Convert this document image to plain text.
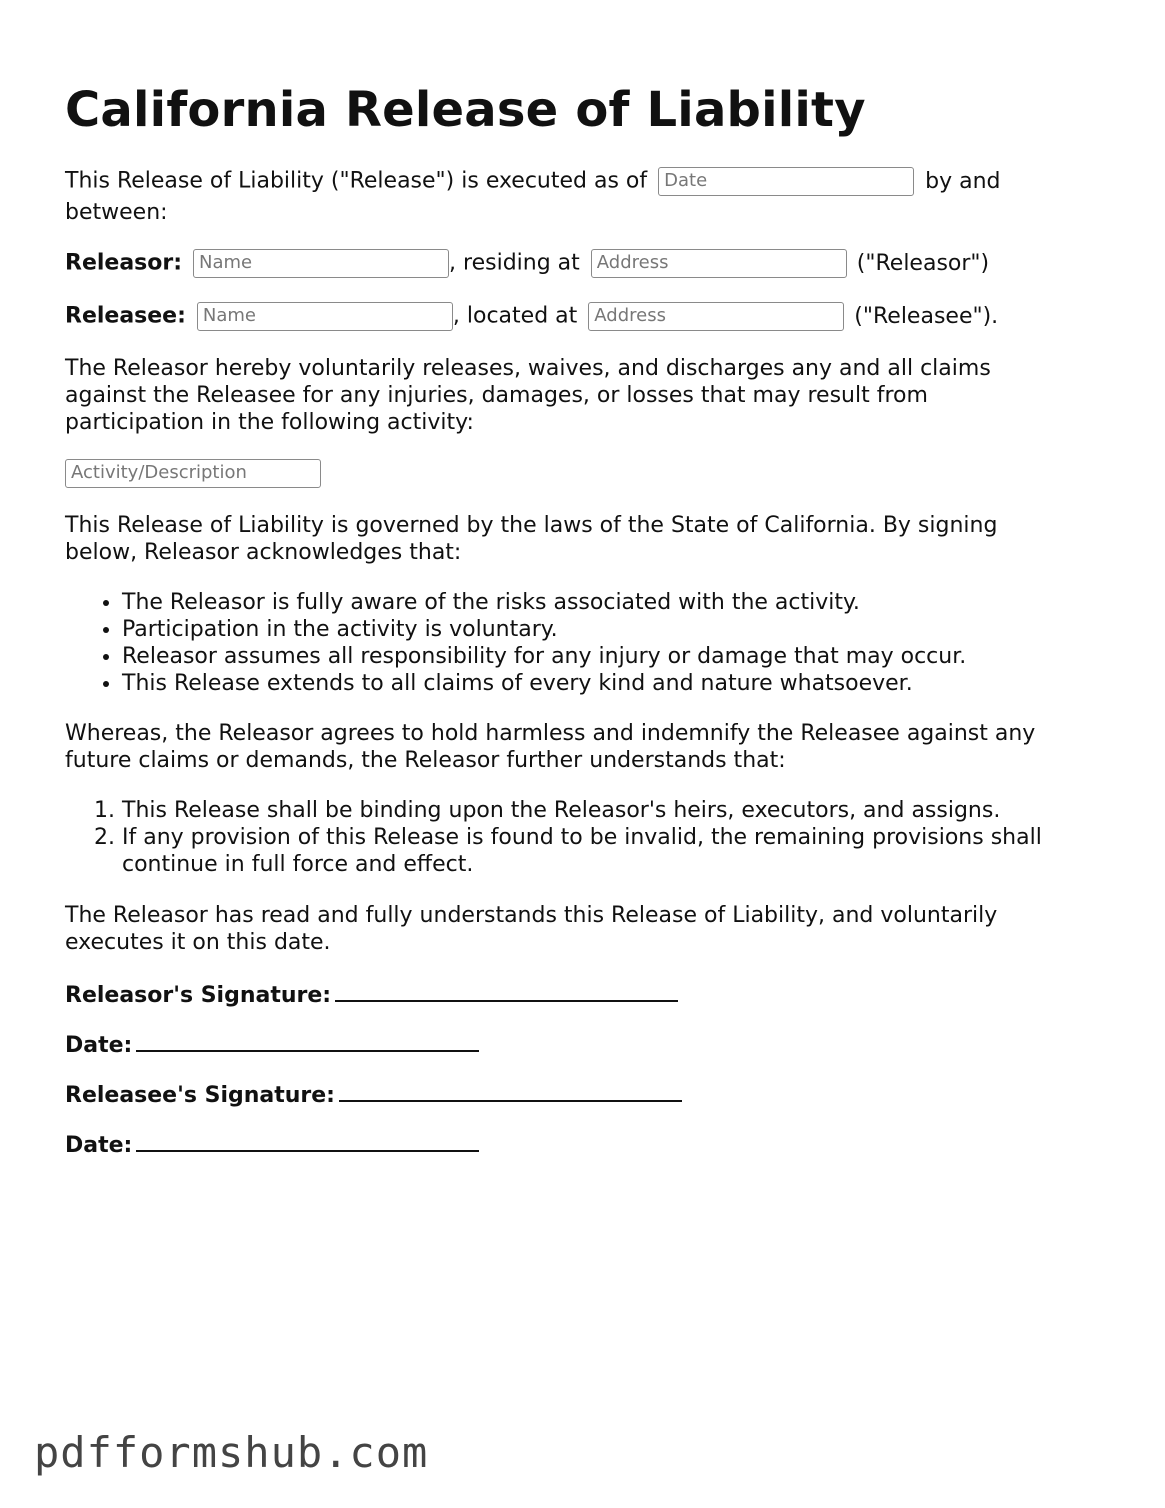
California Release of Liability
This Release of Liability ("Release") is executed as of Date	by and
between:
Releasor: Name	, residing at Address	("Releasor")
Releasee: Name	, located at Address	("Releasee").
The Releasor hereby voluntarily releases, waives, and discharges any and all claims
against the Releasee for any injuries, damages, or losses that may result from
participation in the following activity:
Activity/Description
This Release of Liability is governed by the laws of the State of California. By signing
below, Releasor acknowledges that:
• The Releasor is fully aware of the risks associated with the activity.
• Participation in the activity is voluntary.
• Releasor assumes all responsibility for any injury or damage that may occur.
• This Release extends to all claims of every kind and nature whatsoever.
Whereas, the Releasor agrees to hold harmless and indemnify the Releasee against any
future claims or demands, the Releasor further understands that:
1. This Release shall be binding upon the Releasor's heirs, executors, and assigns.
2. If any provision of this Release is found to be invalid, the remaining provisions shall continue in full force and effect.
The Releasor has read and fully understands this Release of Liability, and voluntarily
executes it on this date.
Releasor's Signature:
Date:
Releasee's Signature:
Date:
pdfformshub.com
